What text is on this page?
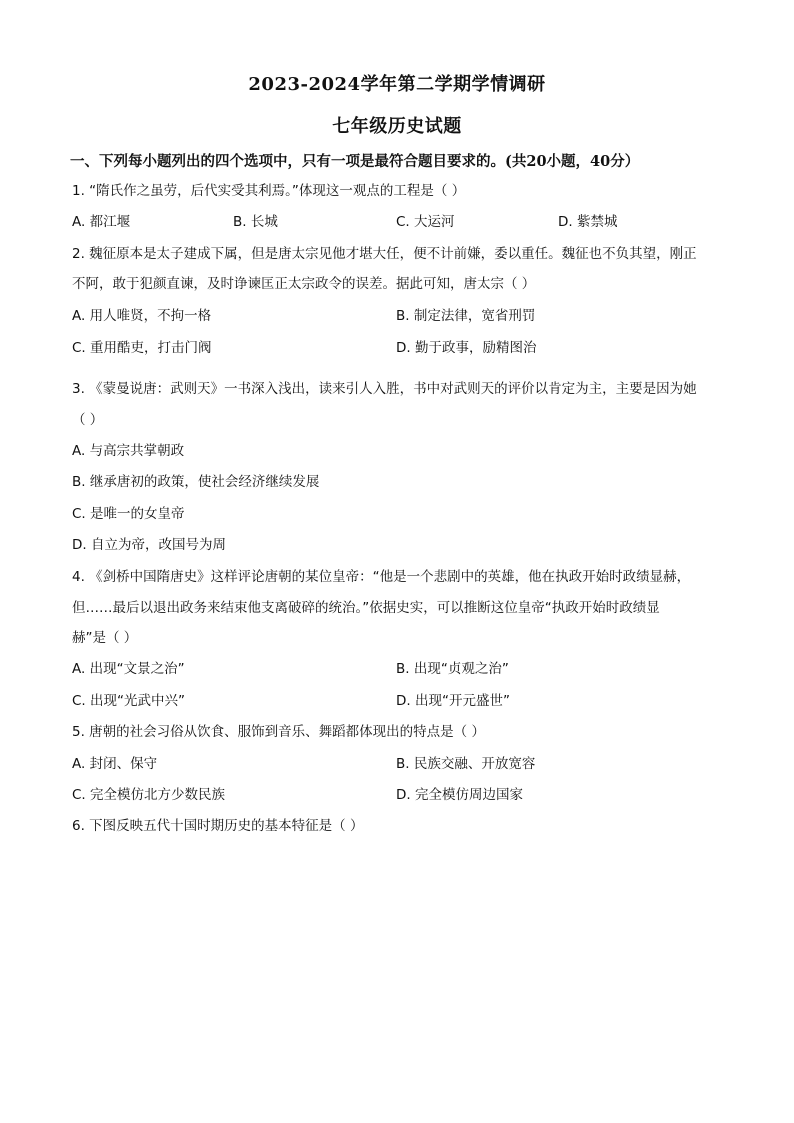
2023-2024学年第二学期学情调研
七年级历史试题
一、下列每小题列出的四个选项中，只有一项是最符合题目要求的。(共20小题，40分）
1. “隋氏作之虽劳，后代实受其利焉。”体现这一观点的工程是（ ）
A. 都江堰	B. 长城	C. 大运河	D. 紫禁城
2. 魏征原本是太子建成下属，但是唐太宗见他才堪大任，便不计前嫌，委以重任。魏征也不负其望，刚正
不阿，敢于犯颜直谏，及时诤谏匡正太宗政令的误差。据此可知，唐太宗（ ）
A. 用人唯贤，不拘一格	B. 制定法律，宽省刑罚
C. 重用酷吏，打击门阀	D. 勤于政事，励精图治
3. 《蒙曼说唐：武则天》一书深入浅出，读来引人入胜，书中对武则天的评价以肯定为主，主要是因为她
（ ）
A. 与高宗共掌朝政
B. 继承唐初的政策，使社会经济继续发展
C. 是唯一的女皇帝
D. 自立为帝，改国号为周
4. 《剑桥中国隋唐史》这样评论唐朝的某位皇帝：“他是一个悲剧中的英雄，他在执政开始时政绩显赫，
但……最后以退出政务来结束他支离破碎的统治。”依据史实，可以推断这位皇帝“执政开始时政绩显
赫”是（ ）
A. 出现“文景之治”	B. 出现“贞观之治”
C. 出现“光武中兴”	D. 出现“开元盛世”
5. 唐朝的社会习俗从饮食、服饰到音乐、舞蹈都体现出的特点是（ ）
A. 封闭、保守	B. 民族交融、开放宽容
C. 完全模仿北方少数民族	D. 完全模仿周边国家
6. 下图反映五代十国时期历史的基本特征是（ ）
